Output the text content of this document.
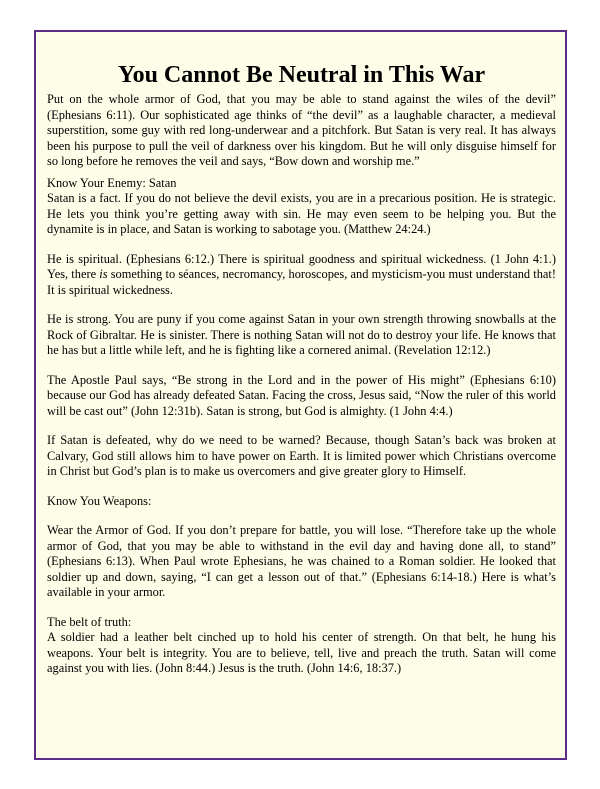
You Cannot Be Neutral in This War

Put on the whole armor of God, that you may be able to stand against the wiles of the devil” (Ephesians 6:11). Our sophisticated age thinks of “the devil” as a laughable character, a medieval superstition, some guy with red long-underwear and a pitchfork. But Satan is very real. It has always been his purpose to pull the veil of darkness over his kingdom. But he will only disguise himself for so long before he removes the veil and says, “Bow down and worship me.”

Know Your Enemy: Satan

Satan is a fact. If you do not believe the devil exists, you are in a precarious position. He is strategic. He lets you think you’re getting away with sin. He may even seem to be helping you. But the dynamite is in place, and Satan is working to sabotage you. (Matthew 24:24.)

He is spiritual. (Ephesians 6:12.) There is spiritual goodness and spiritual wickedness. (1 John 4:1.) Yes, there is something to séances, necromancy, horoscopes, and mysticism-you must understand that! It is spiritual wickedness.

He is strong. You are puny if you come against Satan in your own strength throwing snowballs at the Rock of Gibraltar. He is sinister. There is nothing Satan will not do to destroy your life. He knows that he has but a little while left, and he is fighting like a cornered animal. (Revelation 12:12.)

The Apostle Paul says, “Be strong in the Lord and in the power of His might” (Ephesians 6:10) because our God has already defeated Satan. Facing the cross, Jesus said, “Now the ruler of this world will be cast out” (John 12:31b). Satan is strong, but God is almighty. (1 John 4:4.)

If Satan is defeated, why do we need to be warned? Because, though Satan’s back was broken at Calvary, God still allows him to have power on Earth. It is limited power which Christians overcome in Christ but God’s plan is to make us overcomers and give greater glory to Himself.

Know You Weapons:

Wear the Armor of God. If you don’t prepare for battle, you will lose. “Therefore take up the whole armor of God, that you may be able to withstand in the evil day and having done all, to stand” (Ephesians 6:13). When Paul wrote Ephesians, he was chained to a Roman soldier. He looked that soldier up and down, saying, “I can get a lesson out of that.” (Ephesians 6:14-18.) Here is what’s available in your armor.

The belt of truth:

A soldier had a leather belt cinched up to hold his center of strength. On that belt, he hung his weapons. Your belt is integrity. You are to believe, tell, live and preach the truth. Satan will come against you with lies. (John 8:44.) Jesus is the truth. (John 14:6, 18:37.)
